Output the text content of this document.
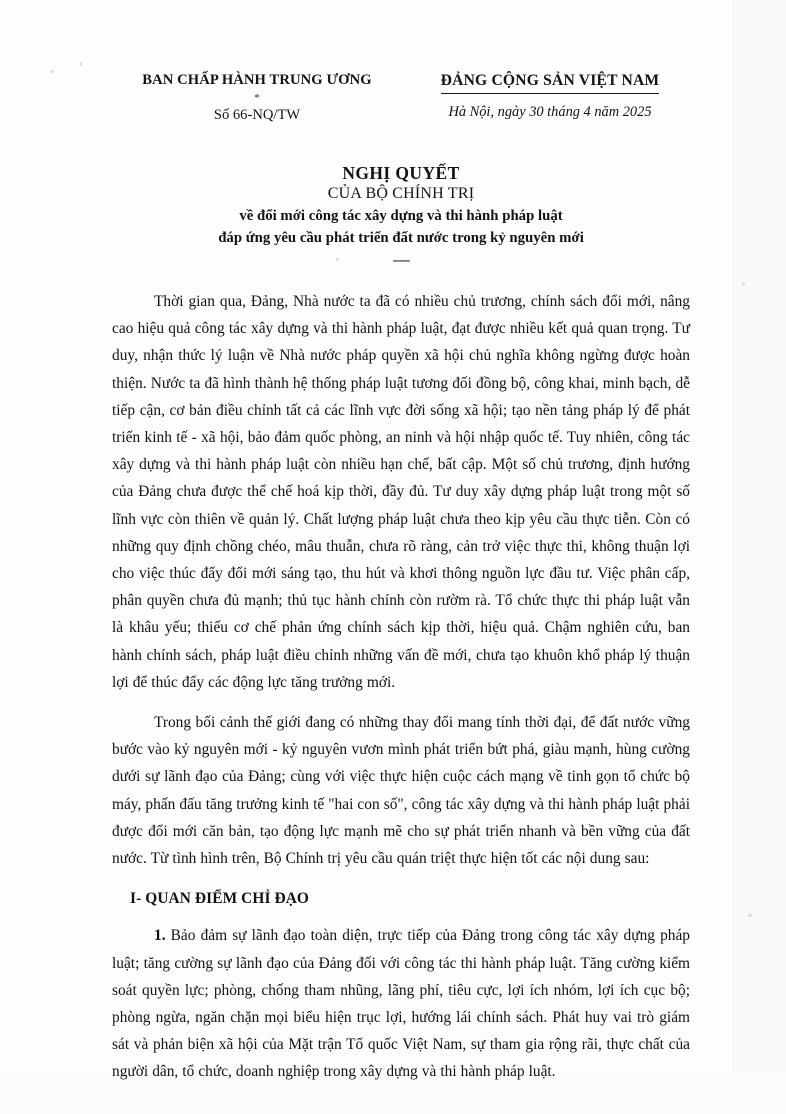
BAN CHẤP HÀNH TRUNG ƯƠNG
*
Số 66-NQ/TW
ĐẢNG CỘNG SẢN VIỆT NAM
Hà Nội, ngày 30 tháng 4 năm 2025
NGHỊ QUYẾT
CỦA BỘ CHÍNH TRỊ
về đổi mới công tác xây dựng và thi hành pháp luật
đáp ứng yêu cầu phát triển đất nước trong kỷ nguyên mới
-----

Thời gian qua, Đảng, Nhà nước ta đã có nhiều chủ trương, chính sách đổi mới, nâng cao hiệu quả công tác xây dựng và thi hành pháp luật, đạt được nhiều kết quả quan trọng. Tư duy, nhận thức lý luận về Nhà nước pháp quyền xã hội chủ nghĩa không ngừng được hoàn thiện. Nước ta đã hình thành hệ thống pháp luật tương đối đồng bộ, công khai, minh bạch, dễ tiếp cận, cơ bản điều chỉnh tất cả các lĩnh vực đời sống xã hội; tạo nền tảng pháp lý để phát triển kinh tế - xã hội, bảo đảm quốc phòng, an ninh và hội nhập quốc tế. Tuy nhiên, công tác xây dựng và thi hành pháp luật còn nhiều hạn chế, bất cập. Một số chủ trương, định hướng của Đảng chưa được thể chế hoá kịp thời, đầy đủ. Tư duy xây dựng pháp luật trong một số lĩnh vực còn thiên về quản lý. Chất lượng pháp luật chưa theo kịp yêu cầu thực tiễn. Còn có những quy định chồng chéo, mâu thuẫn, chưa rõ ràng, cản trở việc thực thi, không thuận lợi cho việc thúc đẩy đổi mới sáng tạo, thu hút và khơi thông nguồn lực đầu tư. Việc phân cấp, phân quyền chưa đủ mạnh; thủ tục hành chính còn rườm rà. Tổ chức thực thi pháp luật vẫn là khâu yếu; thiếu cơ chế phản ứng chính sách kịp thời, hiệu quả. Chậm nghiên cứu, ban hành chính sách, pháp luật điều chỉnh những vấn đề mới, chưa tạo khuôn khổ pháp lý thuận lợi để thúc đẩy các động lực tăng trưởng mới.

Trong bối cảnh thế giới đang có những thay đổi mang tính thời đại, để đất nước vững bước vào kỷ nguyên mới - kỷ nguyên vươn mình phát triển bứt phá, giàu mạnh, hùng cường dưới sự lãnh đạo của Đảng; cùng với việc thực hiện cuộc cách mạng về tinh gọn tổ chức bộ máy, phấn đấu tăng trưởng kinh tế "hai con số", công tác xây dựng và thi hành pháp luật phải được đổi mới căn bản, tạo động lực mạnh mẽ cho sự phát triển nhanh và bền vững của đất nước. Từ tình hình trên, Bộ Chính trị yêu cầu quán triệt thực hiện tốt các nội dung sau:

I- QUAN ĐIỂM CHỈ ĐẠO

1. Bảo đảm sự lãnh đạo toàn diện, trực tiếp của Đảng trong công tác xây dựng pháp luật; tăng cường sự lãnh đạo của Đảng đối với công tác thi hành pháp luật. Tăng cường kiểm soát quyền lực; phòng, chống tham nhũng, lãng phí, tiêu cực, lợi ích nhóm, lợi ích cục bộ; phòng ngừa, ngăn chặn mọi biểu hiện trục lợi, hướng lái chính sách. Phát huy vai trò giám sát và phản biện xã hội của Mặt trận Tổ quốc Việt Nam, sự tham gia rộng rãi, thực chất của người dân, tổ chức, doanh nghiệp trong xây dựng và thi hành pháp luật.
